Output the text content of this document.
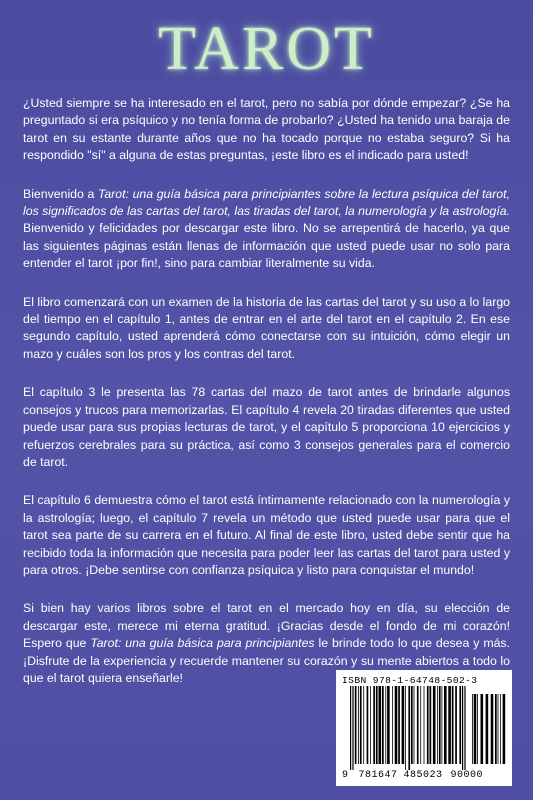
TAROT

¿Usted siempre se ha interesado en el tarot, pero no sabía por dónde empezar? ¿Se ha preguntado si era psíquico y no tenía forma de probarlo? ¿Usted ha tenido una baraja de tarot en su estante durante años que no ha tocado porque no estaba seguro? Si ha respondido "sí" a alguna de estas preguntas, ¡este libro es el indicado para usted!

Bienvenido a Tarot: una guía básica para principiantes sobre la lectura psíquica del tarot, los significados de las cartas del tarot, las tiradas del tarot, la numerología y la astrología. Bienvenido y felicidades por descargar este libro. No se arrepentirá de hacerlo, ya que las siguientes páginas están llenas de información que usted puede usar no solo para entender el tarot ¡por fin!, sino para cambiar literalmente su vida.

El libro comenzará con un examen de la historia de las cartas del tarot y su uso a lo largo del tiempo en el capítulo 1, antes de entrar en el arte del tarot en el capítulo 2. En ese segundo capítulo, usted aprenderá cómo conectarse con su intuición, cómo elegir un mazo y cuáles son los pros y los contras del tarot.

El capítulo 3 le presenta las 78 cartas del mazo de tarot antes de brindarle algunos consejos y trucos para memorizarlas. El capítulo 4 revela 20 tiradas diferentes que usted puede usar para sus propias lecturas de tarot, y el capítulo 5 proporciona 10 ejercicios y refuerzos cerebrales para su práctica, así como 3 consejos generales para el comercio de tarot.

El capítulo 6 demuestra cómo el tarot está íntimamente relacionado con la numerología y la astrología; luego, el capítulo 7 revela un método que usted puede usar para que el tarot sea parte de su carrera en el futuro. Al final de este libro, usted debe sentir que ha recibido toda la información que necesita para poder leer las cartas del tarot para usted y para otros. ¡Debe sentirse con confianza psíquica y listo para conquistar el mundo!

Si bien hay varios libros sobre el tarot en el mercado hoy en día, su elección de descargar este, merece mi eterna gratitud. ¡Gracias desde el fondo de mi corazón! Espero que Tarot: una guía básica para principiantes le brinde todo lo que desea y más. ¡Disfrute de la experiencia y recuerde mantener su corazón y su mente abiertos a todo lo que el tarot quiera enseñarle!	ISBN 978-1-64748-502-3
9 781647 485023 90000
